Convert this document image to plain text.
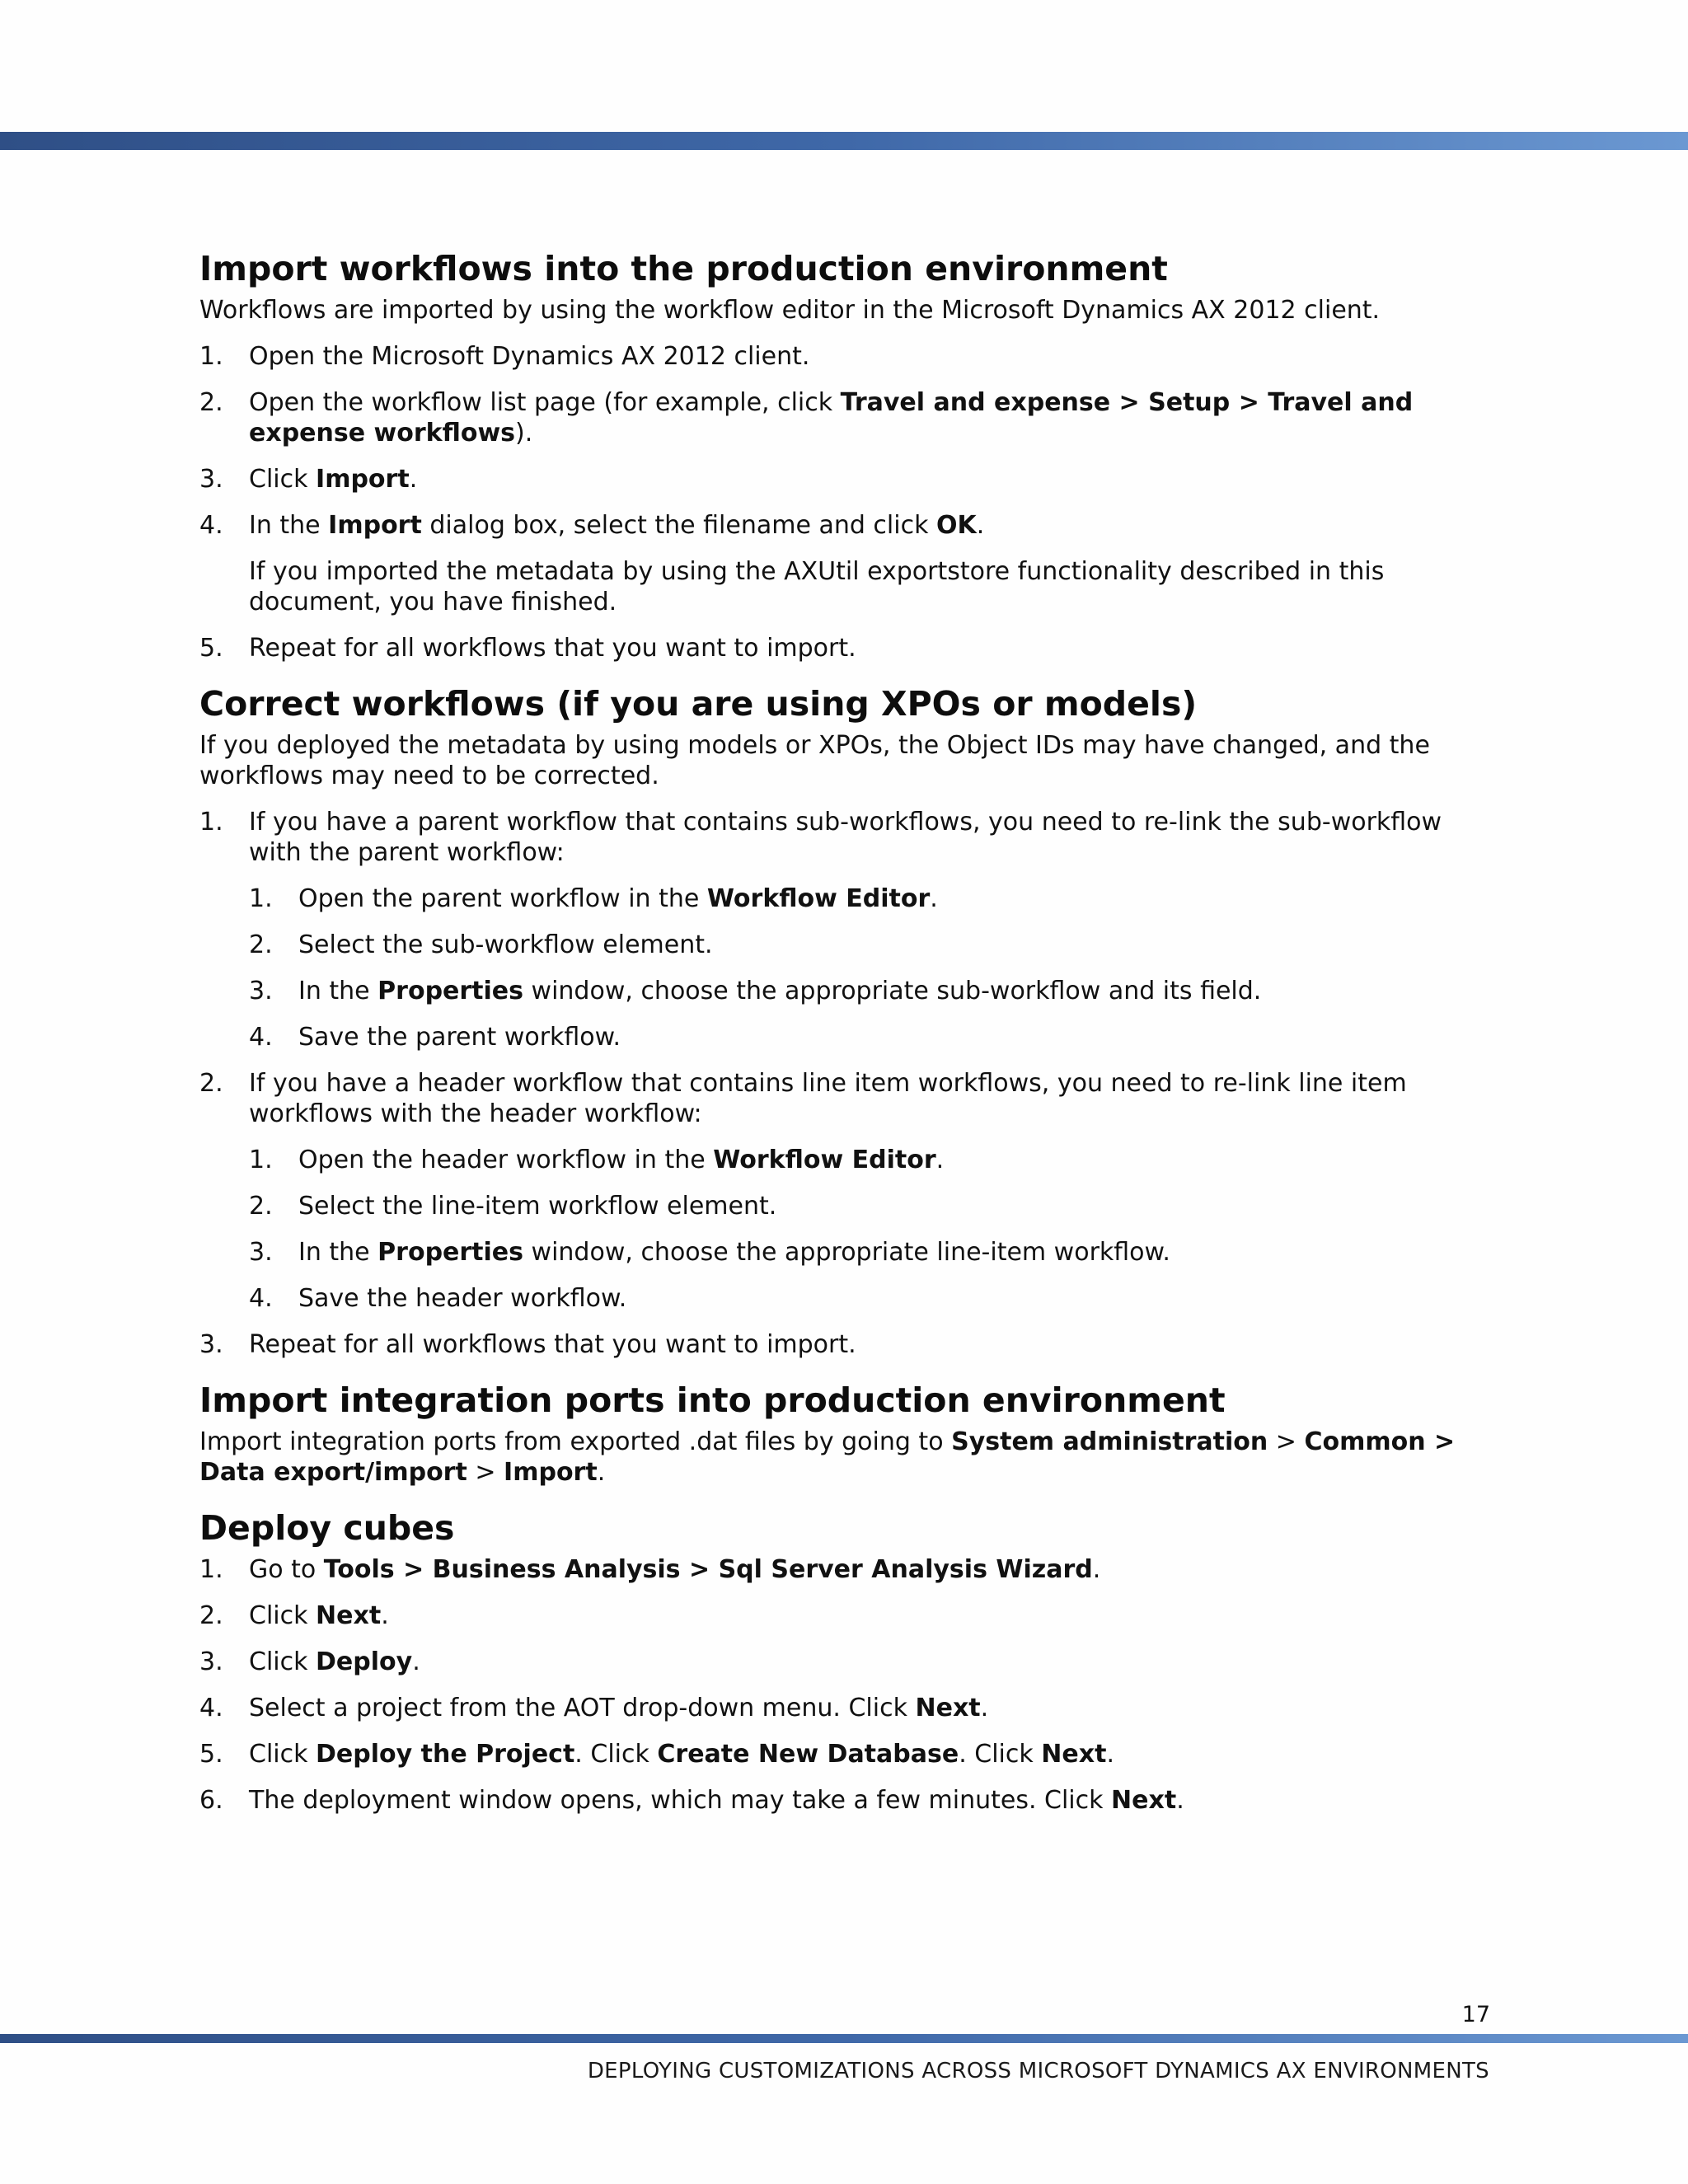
Import workflows into the production environment

Workflows are imported by using the workflow editor in the Microsoft Dynamics AX 2012 client.

1. Open the Microsoft Dynamics AX 2012 client.
2. Open the workflow list page (for example, click Travel and expense > Setup > Travel and expense workflows).
3. Click Import.
4. In the Import dialog box, select the filename and click OK.
If you imported the metadata by using the AXUtil exportstore functionality described in this document, you have finished.
5. Repeat for all workflows that you want to import.
Correct workflows (if you are using XPOs or models)

If you deployed the metadata by using models or XPOs, the Object IDs may have changed, and the workflows may need to be corrected.

1. If you have a parent workflow that contains sub-workflows, you need to re-link the sub-workflow with the parent workflow:
1. Open the parent workflow in the Workflow Editor.
2. Select the sub-workflow element.
3. In the Properties window, choose the appropriate sub-workflow and its field.
4. Save the parent workflow.
2. If you have a header workflow that contains line item workflows, you need to re-link line item workflows with the header workflow:
1. Open the header workflow in the Workflow Editor.
2. Select the line-item workflow element.
3. In the Properties window, choose the appropriate line-item workflow.
4. Save the header workflow.
3. Repeat for all workflows that you want to import.
Import integration ports into production environment

Import integration ports from exported .dat files by going to System administration > Common > Data export/import > Import.

Deploy cubes
1. Go to Tools > Business Analysis > Sql Server Analysis Wizard.
2. Click Next.
3. Click Deploy.
4. Select a project from the AOT drop-down menu. Click Next.
5. Click Deploy the Project. Click Create New Database. Click Next.
6. The deployment window opens, which may take a few minutes. Click Next.
17
DEPLOYING CUSTOMIZATIONS ACROSS MICROSOFT DYNAMICS AX ENVIRONMENTS
